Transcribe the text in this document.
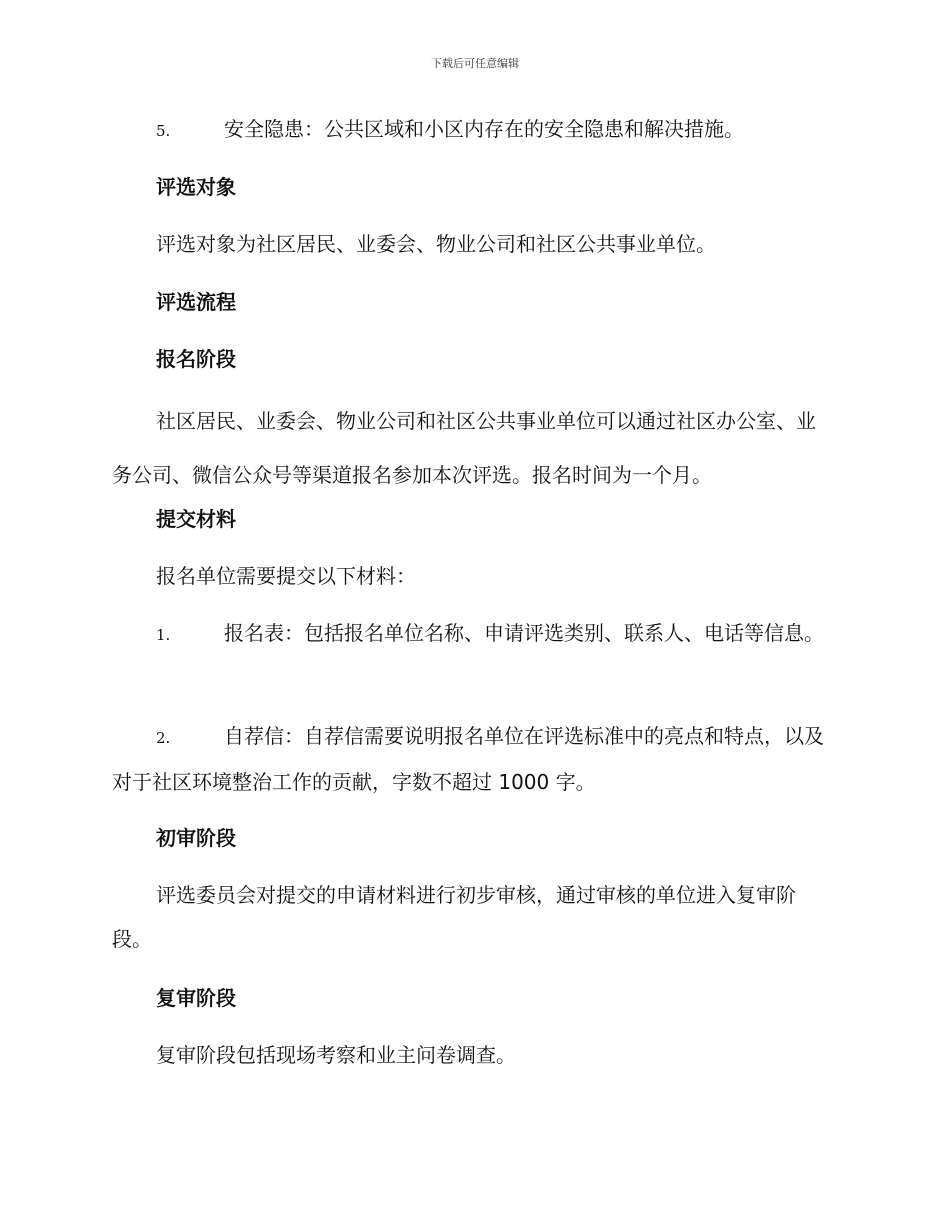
下载后可任意编辑

5.	安全隐患：公共区域和小区内存在的安全隐患和解决措施。

评选对象

评选对象为社区居民、业委会、物业公司和社区公共事业单位。

评选流程

报名阶段

社区居民、业委会、物业公司和社区公共事业单位可以通过社区办公室、业务公司、微信公众号等渠道报名参加本次评选。报名时间为一个月。

提交材料

报名单位需要提交以下材料：

1.	报名表：包括报名单位名称、申请评选类别、联系人、电话等信息。

2.	自荐信：自荐信需要说明报名单位在评选标准中的亮点和特点，以及对于社区环境整治工作的贡献，字数不超过 1000 字。

初审阶段

评选委员会对提交的申请材料进行初步审核，通过审核的单位进入复审阶段。

复审阶段

复审阶段包括现场考察和业主问卷调查。
